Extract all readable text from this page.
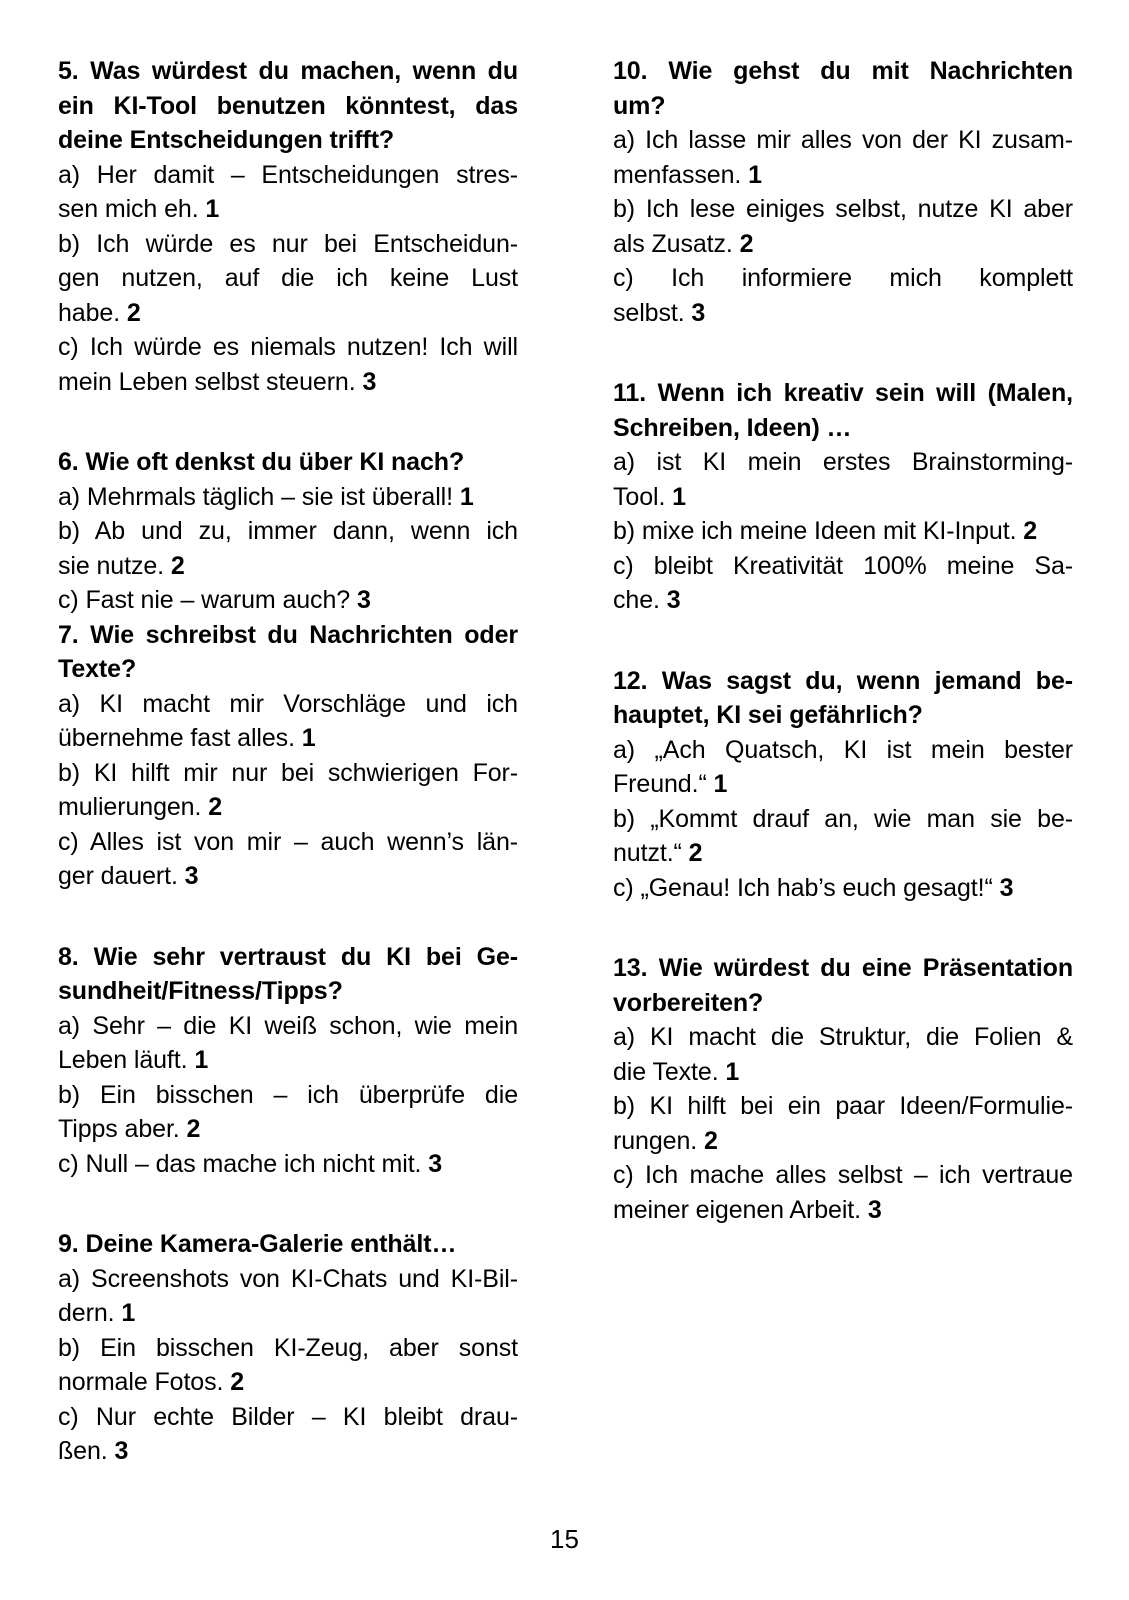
5. Was würdest du machen, wenn du
ein KI-Tool benutzen könntest, das
deine Entscheidungen trifft?
a) Her damit – Entscheidungen stres-
sen mich eh. 1
b) Ich würde es nur bei Entscheidun-
gen nutzen, auf die ich keine Lust
habe. 2
c) Ich würde es niemals nutzen! Ich will
mein Leben selbst steuern. 3
6. Wie oft denkst du über KI nach?
a) Mehrmals täglich – sie ist überall! 1
b) Ab und zu, immer dann, wenn ich
sie nutze. 2
c) Fast nie – warum auch? 3
7. Wie schreibst du Nachrichten oder
Texte?
a) KI macht mir Vorschläge und ich
übernehme fast alles. 1
b) KI hilft mir nur bei schwierigen For-
mulierungen. 2
c) Alles ist von mir – auch wenn’s län-
ger dauert. 3
8. Wie sehr vertraust du KI bei Ge-
sundheit/Fitness/Tipps?
a) Sehr – die KI weiß schon, wie mein
Leben läuft. 1
b) Ein bisschen – ich überprüfe die
Tipps aber. 2
c) Null – das mache ich nicht mit. 3
9. Deine Kamera-Galerie enthält…
a) Screenshots von KI-Chats und KI-Bil-
dern. 1
b) Ein bisschen KI-Zeug, aber sonst
normale Fotos. 2
c) Nur echte Bilder – KI bleibt drau-
ßen. 3
10. Wie gehst du mit Nachrichten
um?
a) Ich lasse mir alles von der KI zusam-
menfassen. 1
b) Ich lese einiges selbst, nutze KI aber
als Zusatz. 2
c) Ich informiere mich komplett
selbst. 3
11. Wenn ich kreativ sein will (Malen,
Schreiben, Ideen) …
a) ist KI mein erstes Brainstorming-
Tool. 1
b) mixe ich meine Ideen mit KI-Input. 2
c) bleibt Kreativität 100% meine Sa-
che. 3
12. Was sagst du, wenn jemand be-
hauptet, KI sei gefährlich?
a) „Ach Quatsch, KI ist mein bester
Freund.“ 1
b) „Kommt drauf an, wie man sie be-
nutzt.“ 2
c) „Genau! Ich hab’s euch gesagt!“ 3
13. Wie würdest du eine Präsentation
vorbereiten?
a) KI macht die Struktur, die Folien &
die Texte. 1
b) KI hilft bei ein paar Ideen/Formulie-
rungen. 2
c) Ich mache alles selbst – ich vertraue
meiner eigenen Arbeit. 3
15
